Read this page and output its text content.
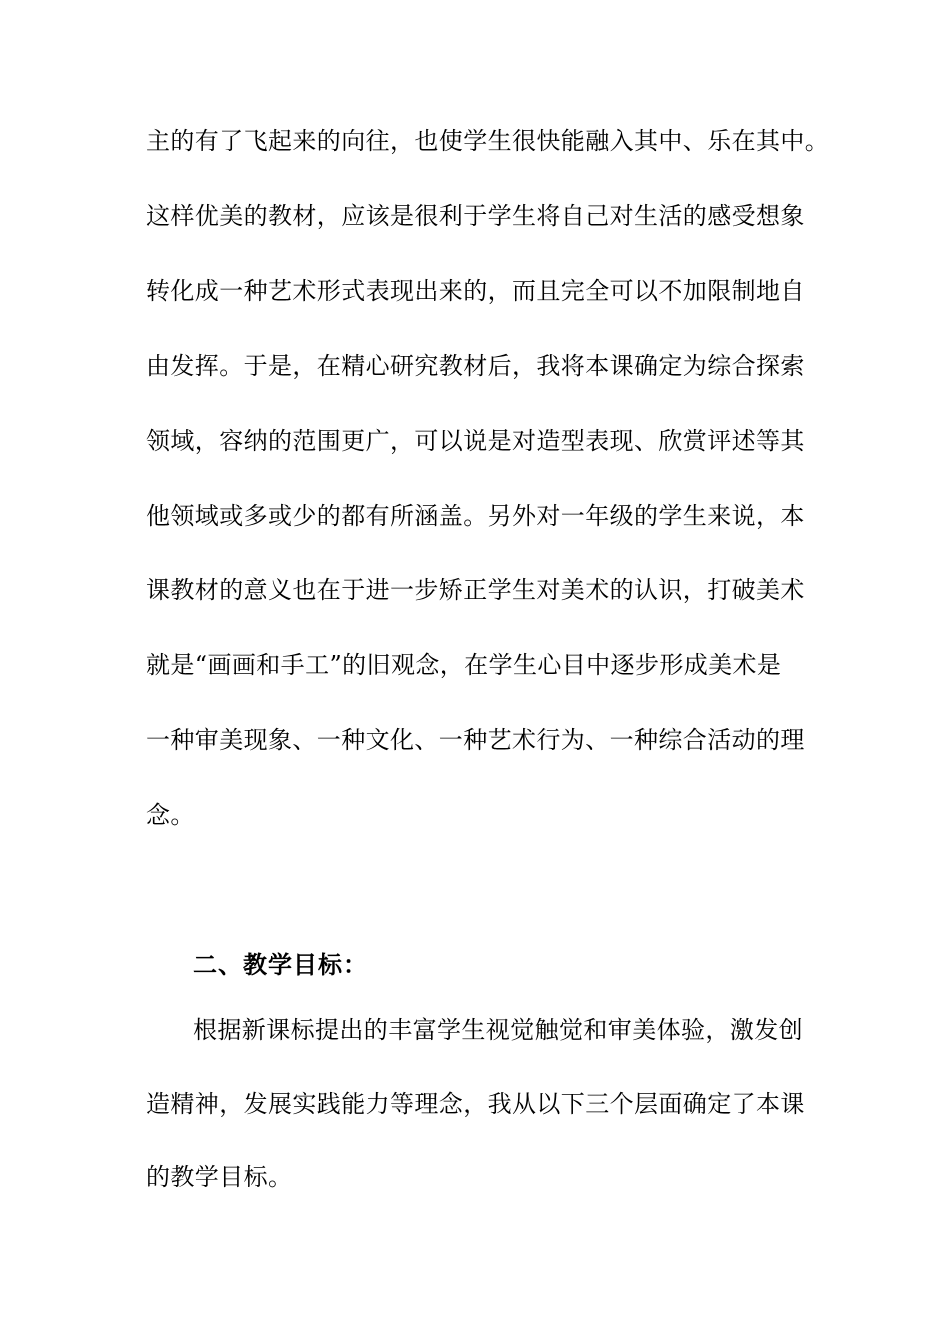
主的有了飞起来的向往，也使学生很快能融入其中、乐在其中。
这样优美的教材，应该是很利于学生将自己对生活的感受想象
转化成一种艺术形式表现出来的，而且完全可以不加限制地自
由发挥。于是，在精心研究教材后，我将本课确定为综合探索
领域，容纳的范围更广，可以说是对造型表现、欣赏评述等其
他领域或多或少的都有所涵盖。另外对一年级的学生来说，本
课教材的意义也在于进一步矫正学生对美术的认识，打破美术
就是“画画和手工”的旧观念，在学生心目中逐步形成美术是
一种审美现象、一种文化、一种艺术行为、一种综合活动的理
念。
二、教学目标：
根据新课标提出的丰富学生视觉触觉和审美体验，激发创
造精神，发展实践能力等理念，我从以下三个层面确定了本课
的教学目标。
